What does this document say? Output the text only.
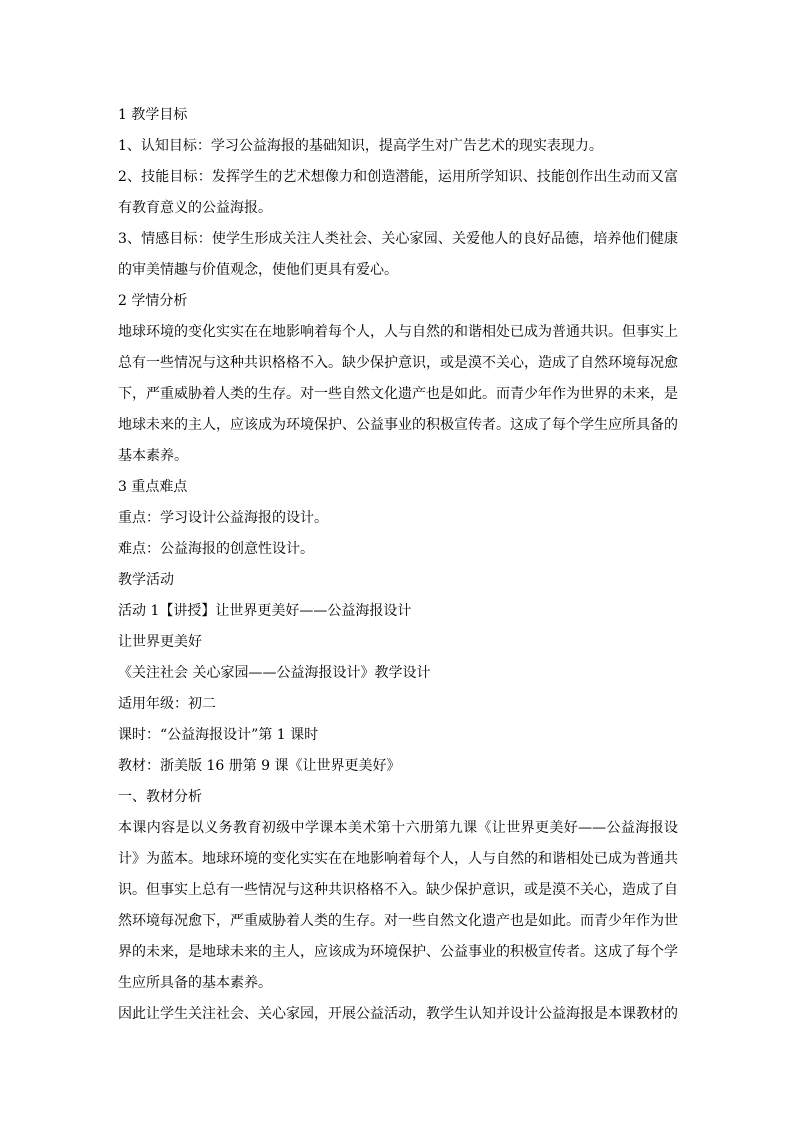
1 教学目标
1、认知目标：学习公益海报的基础知识，提高学生对广告艺术的现实表现力。
2、技能目标：发挥学生的艺术想像力和创造潜能，运用所学知识、技能创作出生动而又富
有教育意义的公益海报。
3、情感目标：使学生形成关注人类社会、关心家园、关爱他人的良好品德，培养他们健康
的审美情趣与价值观念，使他们更具有爱心。
2 学情分析
地球环境的变化实实在在地影响着每个人，人与自然的和谐相处已成为普通共识。但事实上
总有一些情况与这种共识格格不入。缺少保护意识，或是漠不关心，造成了自然环境每况愈
下，严重威胁着人类的生存。对一些自然文化遗产也是如此。而青少年作为世界的未来，是
地球未来的主人，应该成为环境保护、公益事业的积极宣传者。这成了每个学生应所具备的
基本素养。
3 重点难点
重点：学习设计公益海报的设计。
难点：公益海报的创意性设计。
教学活动
活动 1【讲授】让世界更美好——公益海报设计
让世界更美好
《关注社会 关心家园——公益海报设计》教学设计
适用年级：初二
课时：“公益海报设计”第 1 课时
教材：浙美版 16 册第 9 课《让世界更美好》
一、教材分析
本课内容是以义务教育初级中学课本美术第十六册第九课《让世界更美好——公益海报设
计》为蓝本。地球环境的变化实实在在地影响着每个人，人与自然的和谐相处已成为普通共
识。但事实上总有一些情况与这种共识格格不入。缺少保护意识，或是漠不关心，造成了自
然环境每况愈下，严重威胁着人类的生存。对一些自然文化遗产也是如此。而青少年作为世
界的未来，是地球未来的主人，应该成为环境保护、公益事业的积极宣传者。这成了每个学
生应所具备的基本素养。
因此让学生关注社会、关心家园，开展公益活动，教学生认知并设计公益海报是本课教材的
